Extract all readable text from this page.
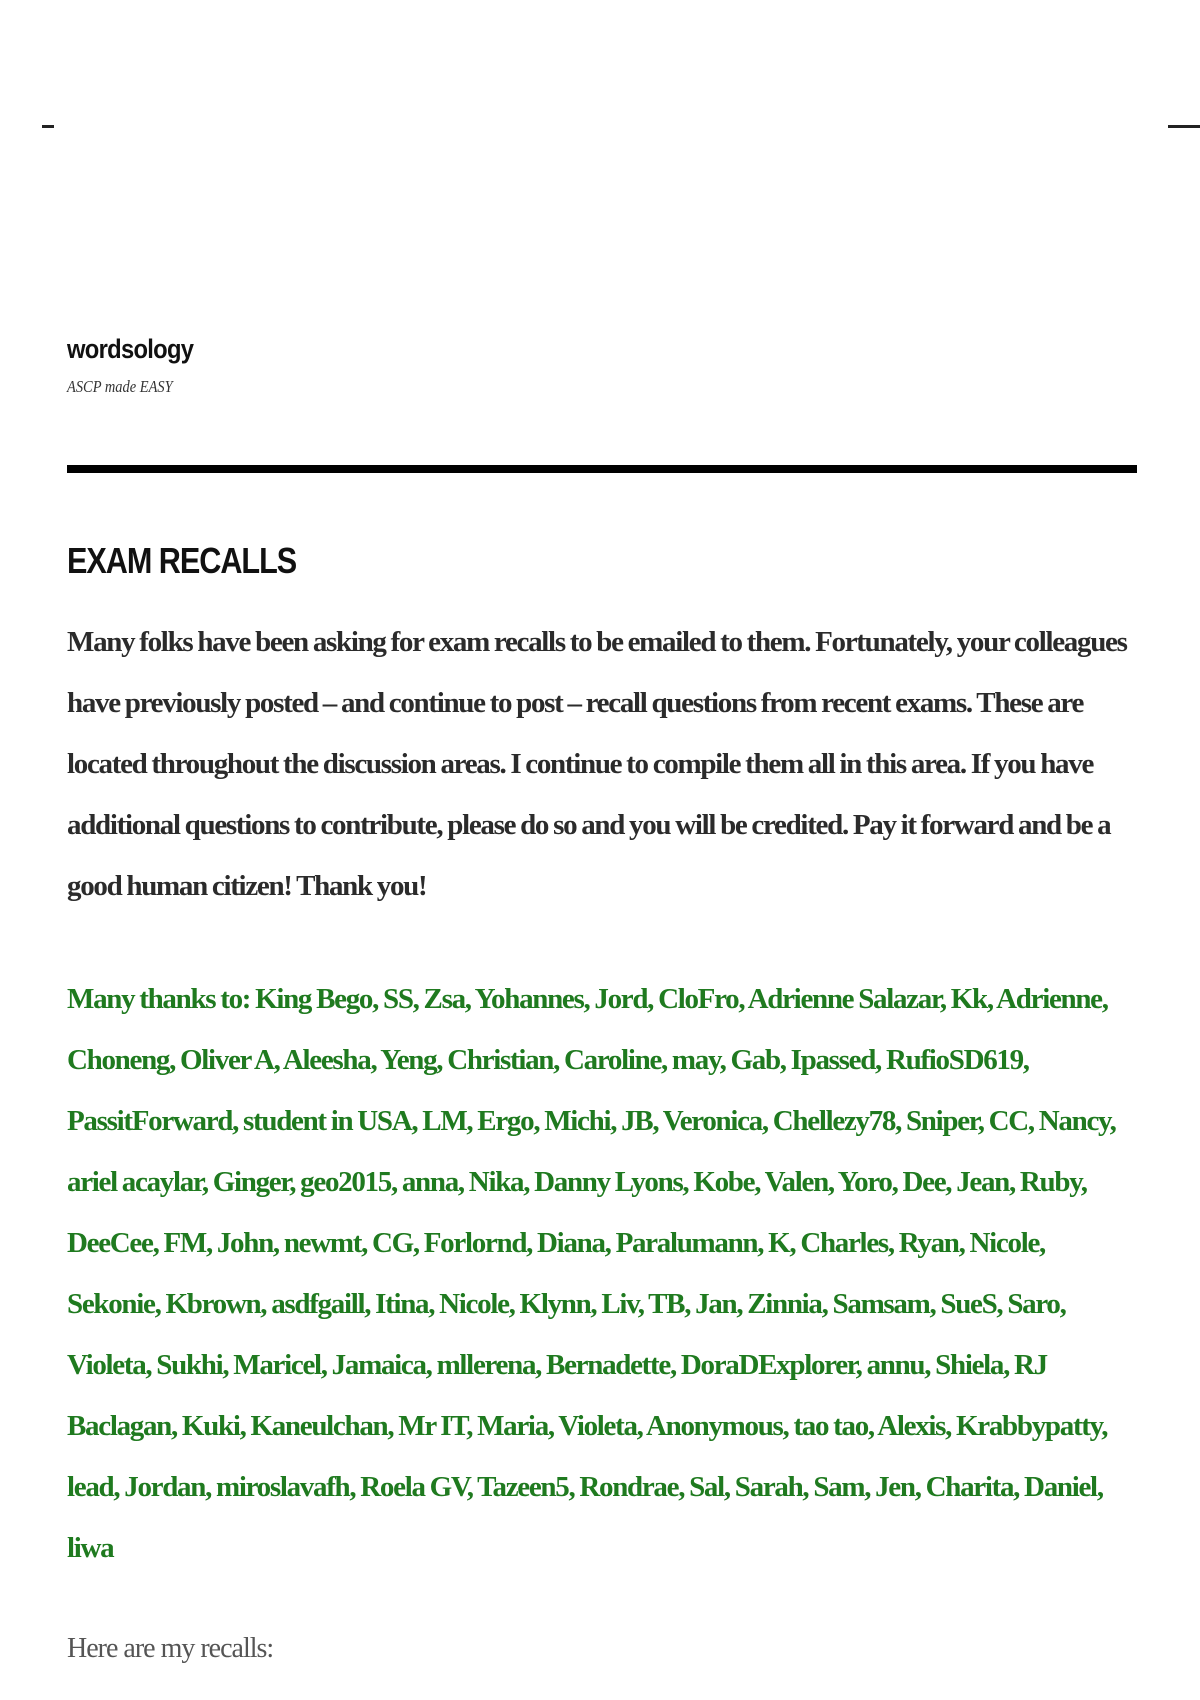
wordsology
ASCP made EASY
EXAM RECALLS

Many folks have been asking for exam recalls to be emailed to them. Fortunately, your colleagues have previously posted – and continue to post – recall questions from recent exams. These are located throughout the discussion areas. I continue to compile them all in this area. If you have additional questions to contribute, please do so and you will be credited. Pay it forward and be a good human citizen! Thank you!

Many thanks to: King Bego, SS, Zsa, Yohannes, Jord, CloFro, Adrienne Salazar, Kk, Adrienne, Choneng, Oliver A, Aleesha, Yeng, Christian, Caroline, may, Gab, Ipassed, RufioSD619, PassitForward, student in USA, LM, Ergo, Michi, JB, Veronica, Chellezy78, Sniper, CC, Nancy, ariel acaylar, Ginger, geo2015, anna, Nika, Danny Lyons, Kobe, Valen, Yoro, Dee, Jean, Ruby, DeeCee, FM, John, newmt, CG, Forlornd, Diana, Paralumann, K, Charles, Ryan, Nicole, Sekonie, Kbrown, asdfgaill, Itina, Nicole, Klynn, Liv, TB, Jan, Zinnia, Samsam, SueS, Saro, Violeta, Sukhi, Maricel, Jamaica, mllerena, Bernadette, DoraDExplorer, annu, Shiela, RJ Baclagan, Kuki, Kaneulchan, Mr IT, Maria, Violeta, Anonymous, tao tao, Alexis, Krabbypatty, lead, Jordan, miroslavafh, Roela GV, Tazeen5, Rondrae, Sal, Sarah, Sam, Jen, Charita, Daniel, liwa

Here are my recalls:
